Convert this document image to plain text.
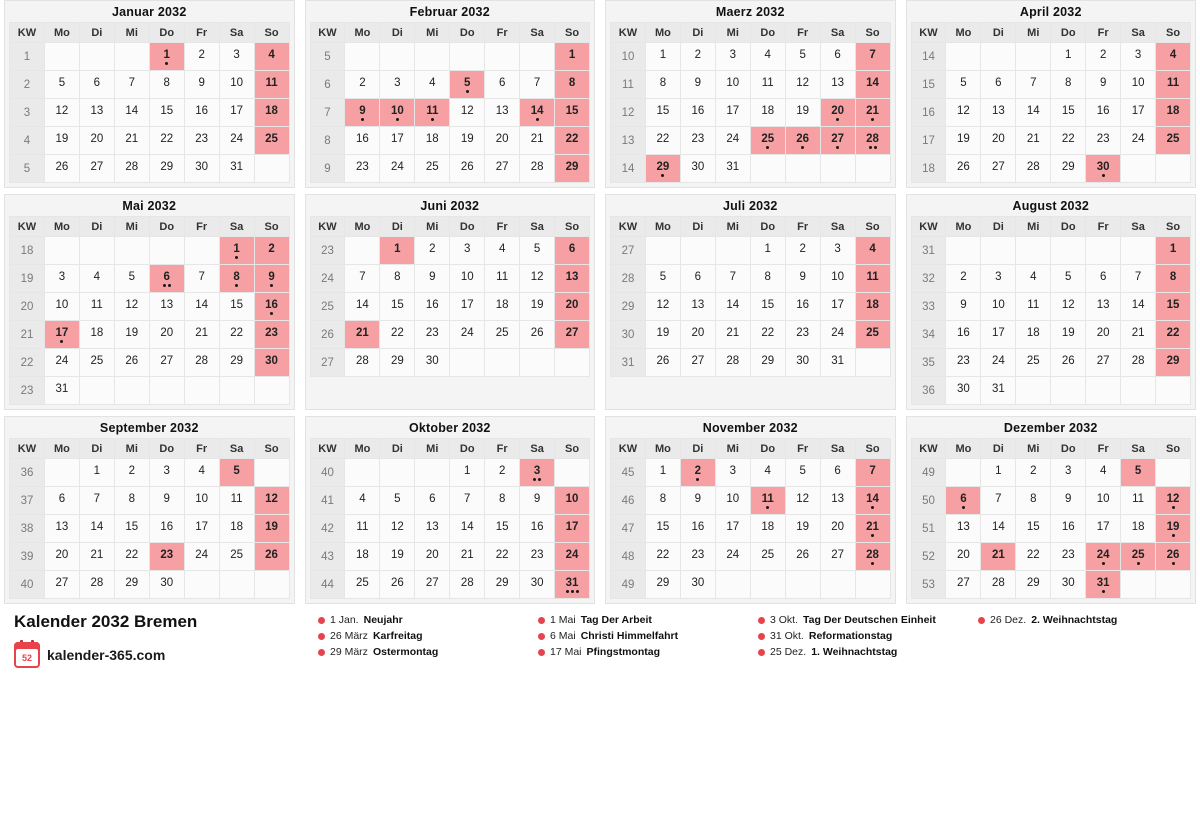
Januar 2032
KW	Mo	Di	Mi	Do	Fr	Sa	So
1				1	2	3	4

2	5	6	7	8	9	10	11

3	12	13	14	15	16	17	18

4	19	20	21	22	23	24	25

5	26	27	28	29	30	31	

Februar 2032
KW	Mo	Di	Mi	Do	Fr	Sa	So
5							1

6	2	3	4	5	6	7	8

7	9	10	11	12	13	14	15

8	16	17	18	19	20	21	22

9	23	24	25	26	27	28	29
Maerz 2032
KW	Mo	Di	Mi	Do	Fr	Sa	So
10	1	2	3	4	5	6	7

11	8	9	10	11	12	13	14

12	15	16	17	18	19	20	21

13	22	23	24	25	26	27	28

14	29	30	31				

April 2032
KW	Mo	Di	Mi	Do	Fr	Sa	So
14				1	2	3	4

15	5	6	7	8	9	10	11

16	12	13	14	15	16	17	18

17	19	20	21	22	23	24	25

18	26	27	28	29	30		

Mai 2032
KW	Mo	Di	Mi	Do	Fr	Sa	So
18						1	2

19	3	4	5	6	7	8	9

20	10	11	12	13	14	15	16

21	17	18	19	20	21	22	23

22	24	25	26	27	28	29	30

23	31						

Juni 2032
KW	Mo	Di	Mi	Do	Fr	Sa	So
23		1	2	3	4	5	6

24	7	8	9	10	11	12	13

25	14	15	16	17	18	19	20

26	21	22	23	24	25	26	27

27	28	29	30				

Juli 2032
KW	Mo	Di	Mi	Do	Fr	Sa	So
27				1	2	3	4

28	5	6	7	8	9	10	11

29	12	13	14	15	16	17	18

30	19	20	21	22	23	24	25

31	26	27	28	29	30	31	

August 2032
KW	Mo	Di	Mi	Do	Fr	Sa	So
31							1

32	2	3	4	5	6	7	8

33	9	10	11	12	13	14	15

34	16	17	18	19	20	21	22

35	23	24	25	26	27	28	29

36	30	31					

September 2032
KW	Mo	Di	Mi	Do	Fr	Sa	So
36		1	2	3	4	5	

37	6	7	8	9	10	11	12

38	13	14	15	16	17	18	19

39	20	21	22	23	24	25	26

40	27	28	29	30			

Oktober 2032
KW	Mo	Di	Mi	Do	Fr	Sa	So
40				1	2	3	

41	4	5	6	7	8	9	10

42	11	12	13	14	15	16	17

43	18	19	20	21	22	23	24

44	25	26	27	28	29	30	31
November 2032
KW	Mo	Di	Mi	Do	Fr	Sa	So
45	1	2	3	4	5	6	7

46	8	9	10	11	12	13	14

47	15	16	17	18	19	20	21

48	22	23	24	25	26	27	28

49	29	30					

Dezember 2032
KW	Mo	Di	Mi	Do	Fr	Sa	So
49		1	2	3	4	5	

50	6	7	8	9	10	11	12

51	13	14	15	16	17	18	19

52	20	21	22	23	24	25	26

53	27	28	29	30	31		

Kalender 2032 Bremen
52	kalender-365.com
1 Jan. Neujahr	1 Mai Tag Der Arbeit	3 Okt. Tag Der Deutschen Einheit	26 Dez. 2. Weihnachtstag
26 März Karfreitag	6 Mai Christi Himmelfahrt	31 Okt. Reformationstag
29 März Ostermontag	17 Mai Pfingstmontag	25 Dez. 1. Weihnachtstag
